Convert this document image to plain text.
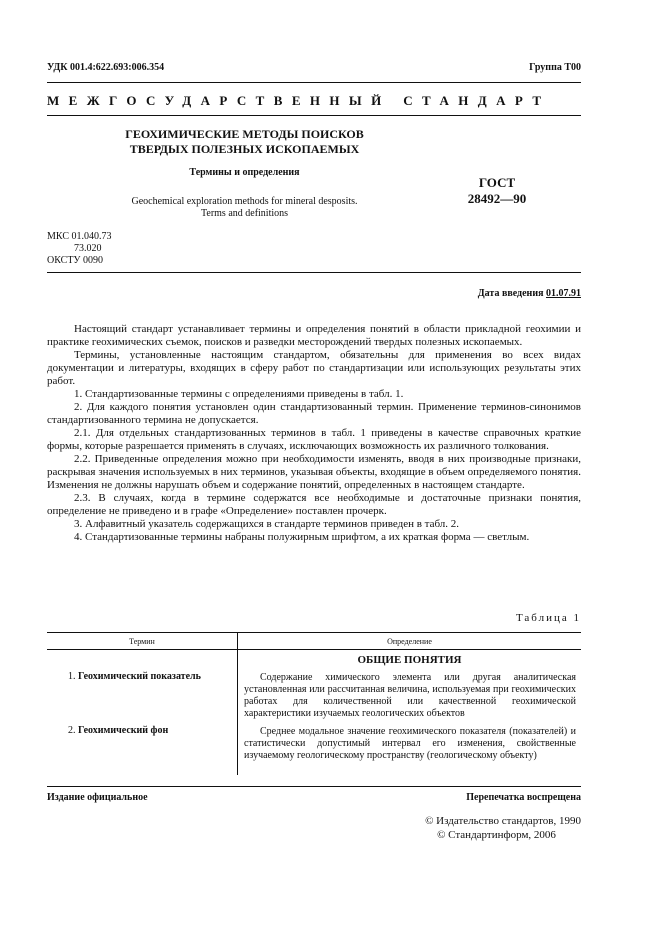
УДК 001.4:622.693:006.354	Группа Т00
МЕЖГОСУДАРСТВЕННЫЙ СТАНДАРТ
ГЕОХИМИЧЕСКИЕ МЕТОДЫ ПОИСКОВ
ТВЕРДЫХ ПОЛЕЗНЫХ ИСКОПАЕМЫХ
Термины и определения
Geochemical exploration methods for mineral desposits.
Terms and definitions
ГОСТ
28492—90
МКС 01.040.73
73.020
ОКСТУ 0090
Дата введения 01.07.91

Настоящий стандарт устанавливает термины и определения понятий в области прикладной геохимии и практике геохимических съемок, поисков и разведки месторождений твердых полезных ископаемых.

Термины, установленные настоящим стандартом, обязательны для применения во всех видах документации и литературы, входящих в сферу работ по стандартизации или использующих результаты этих работ.

1. Стандартизованные термины с определениями приведены в табл. 1.

2. Для каждого понятия установлен один стандартизованный термин. Применение терминов-синонимов стандартизованного термина не допускается.

2.1. Для отдельных стандартизованных терминов в табл. 1 приведены в качестве справочных краткие формы, которые разрешается применять в случаях, исключающих возможность их различного толкования.

2.2. Приведенные определения можно при необходимости изменять, вводя в них производные признаки, раскрывая значения используемых в них терминов, указывая объекты, входящие в объем определяемого понятия. Изменения не должны нарушать объем и содержание понятий, определенных в настоящем стандарте.

2.3. В случаях, когда в термине содержатся все необходимые и достаточные признаки понятия, определение не приведено и в графе «Определение» поставлен прочерк.

3. Алфавитный указатель содержащихся в стандарте терминов приведен в табл. 2.

4. Стандартизованные термины набраны полужирным шрифтом, а их краткая форма — светлым.

Таблица 1
Термин	Определение
ОБЩИЕ ПОНЯТИЯ
1. Геохимический показатель	Содержание химического элемента или другая аналитическая установленная или рассчитанная величина, используемая при геохимических работах для количественной или качественной геохимической характеристики изучаемых геологических объектов
2. Геохимический фон	Среднее модальное значение геохимического показателя (показателей) и статистически допустимый интервал его изменения, свойственные изучаемому геологическому пространству (геологическому объекту)
Издание официальное	Перепечатка воспрещена
© Издательство стандартов, 1990
© Стандартинформ, 2006
